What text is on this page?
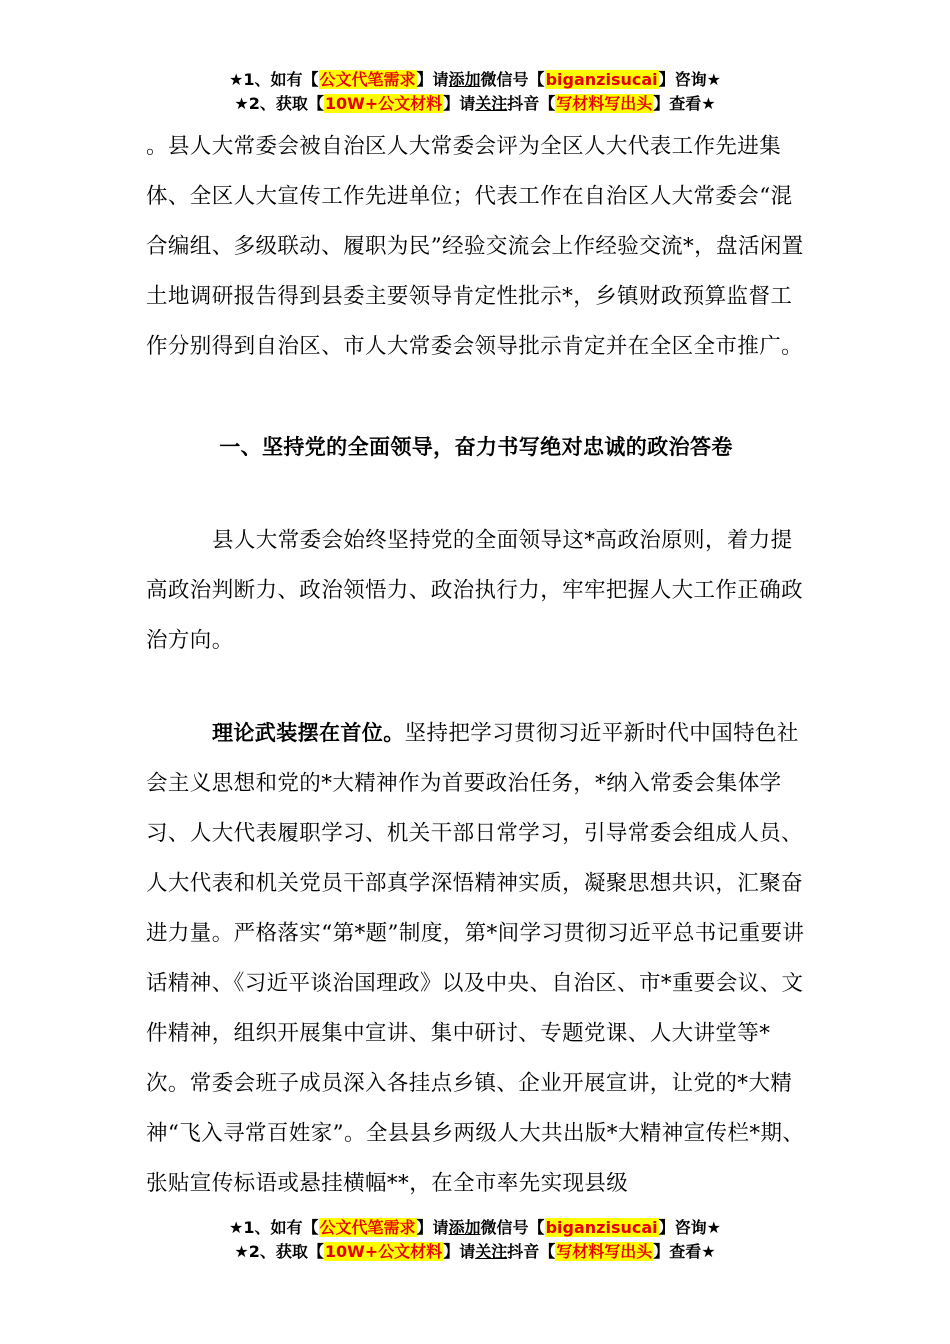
★1、如有【公文代笔需求】请添加微信号【biganzisucai】咨询★
★2、获取【10W+公文材料】请关注抖音【写材料写出头】查看★

。县人大常委会被自治区人大常委会评为全区人大代表工作先进集体、全区人大宣传工作先进单位；代表工作在自治区人大常委会“混合编组、多级联动、履职为民”经验交流会上作经验交流*，盘活闲置土地调研报告得到县委主要领导肯定性批示*，乡镇财政预算监督工作分别得到自治区、市人大常委会领导批示肯定并在全区全市推广。

一、坚持党的全面领导，奋力书写绝对忠诚的政治答卷

县人大常委会始终坚持党的全面领导这*高政治原则，着力提高政治判断力、政治领悟力、政治执行力，牢牢把握人大工作正确政治方向。

理论武装摆在首位。坚持把学习贯彻习近平新时代中国特色社会主义思想和党的*大精神作为首要政治任务，*纳入常委会集体学习、人大代表履职学习、机关干部日常学习，引导常委会组成人员、人大代表和机关党员干部真学深悟精神实质，凝聚思想共识，汇聚奋进力量。严格落实“第*题”制度，第*间学习贯彻习近平总书记重要讲话精神、《习近平谈治国理政》以及中央、自治区、市*重要会议、文件精神，组织开展集中宣讲、集中研讨、专题党课、人大讲堂等*次。常委会班子成员深入各挂点乡镇、企业开展宣讲，让党的*大精神“飞入寻常百姓家”。全县县乡两级人大共出版*大精神宣传栏*期、张贴宣传标语或悬挂横幅**，在全市率先实现县级

★1、如有【公文代笔需求】请添加微信号【biganzisucai】咨询★
★2、获取【10W+公文材料】请关注抖音【写材料写出头】查看★
